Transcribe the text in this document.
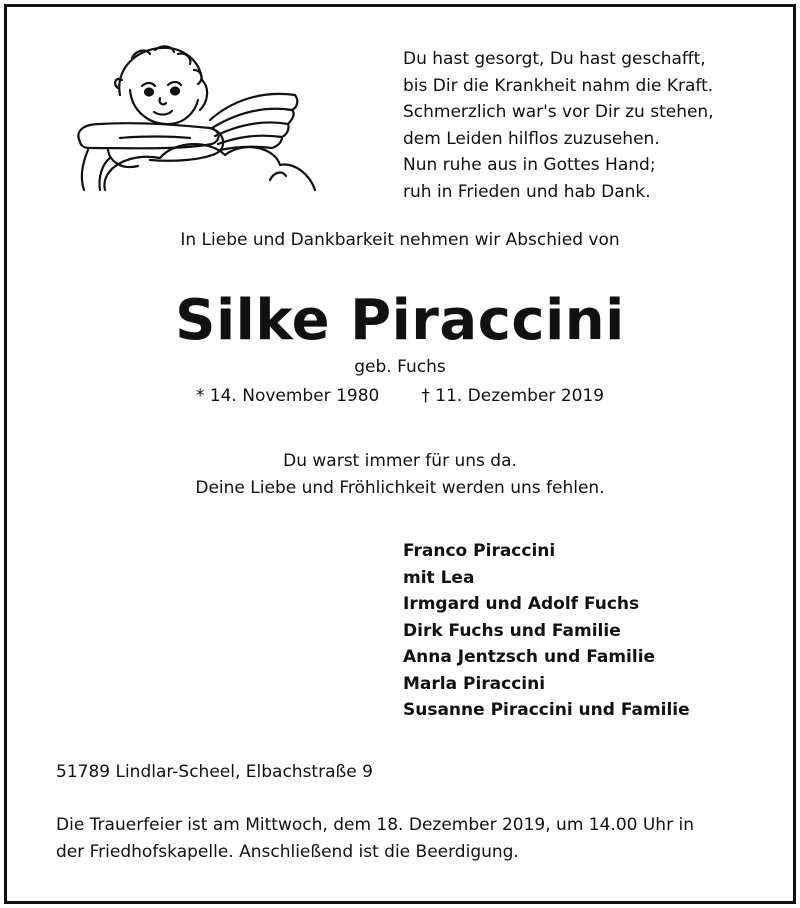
Du hast gesorgt, Du hast geschafft,
bis Dir die Krankheit nahm die Kraft.
Schmerzlich war's vor Dir zu stehen,
dem Leiden hilflos zuzusehen.
Nun ruhe aus in Gottes Hand;
ruh in Frieden und hab Dank.
In Liebe und Dankbarkeit nehmen wir Abschied von
Silke Piraccini
geb. Fuchs
* 14. November 1980 † 11. Dezember 2019
Du warst immer für uns da.
Deine Liebe und Fröhlichkeit werden uns fehlen.
Franco Piraccini
mit Lea
Irmgard und Adolf Fuchs
Dirk Fuchs und Familie
Anna Jentzsch und Familie
Marla Piraccini
Susanne Piraccini und Familie
51789 Lindlar-Scheel, Elbachstraße 9
Die Trauerfeier ist am Mittwoch, dem 18. Dezember 2019, um 14.00 Uhr in
der Friedhofskapelle. Anschließend ist die Beerdigung.
